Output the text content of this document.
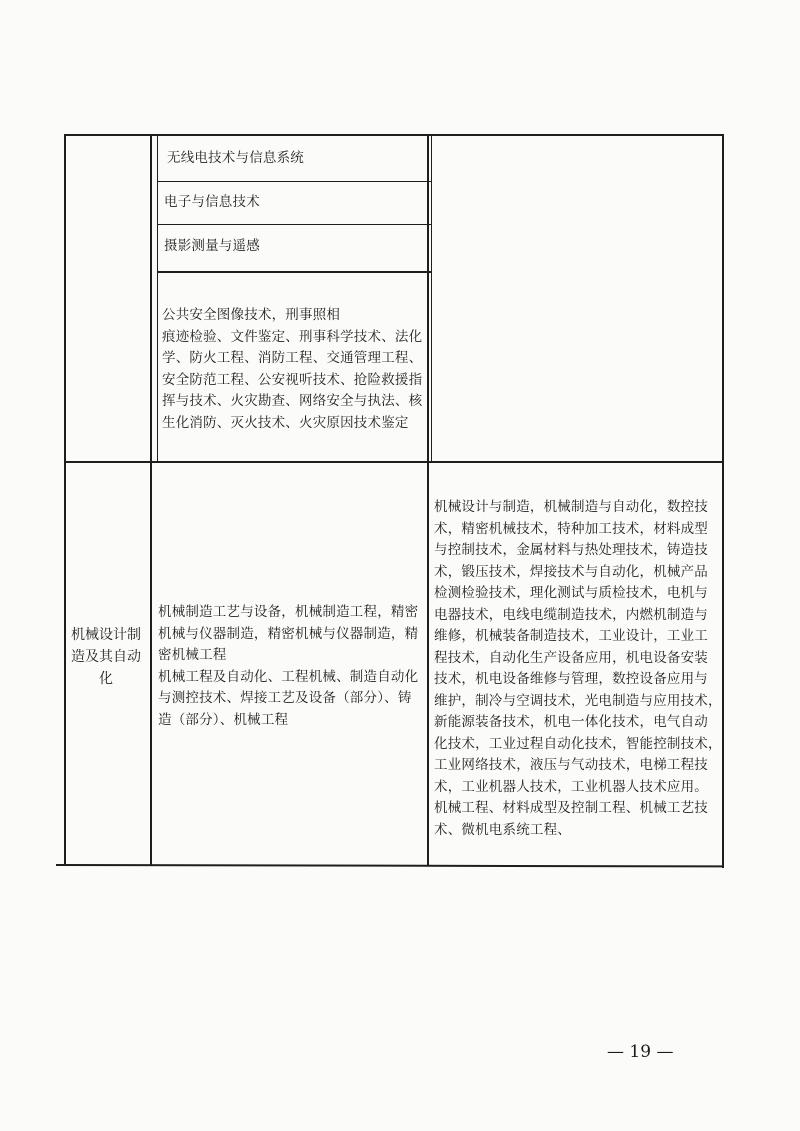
无线电技术与信息系统
电子与信息技术
摄影测量与遥感
公共安全图像技术，刑事照相
痕迹检验、文件鉴定、刑事科学技术、法化
学、防火工程、消防工程、交通管理工程、
安全防范工程、公安视听技术、抢险救援指
挥与技术、火灾勘查、网络安全与执法、核
生化消防、灭火技术、火灾原因技术鉴定
机械设计制
造及其自动
化
机械制造工艺与设备，机械制造工程，精密
机械与仪器制造，精密机械与仪器制造，精
密机械工程
机械工程及自动化、工程机械、制造自动化
与测控技术、焊接工艺及设备（部分）、铸
造（部分）、机械工程
机械设计与制造，机械制造与自动化，数控技
术，精密机械技术，特种加工技术，材料成型
与控制技术，金属材料与热处理技术，铸造技
术，锻压技术，焊接技术与自动化，机械产品
检测检验技术，理化测试与质检技术，电机与
电器技术，电线电缆制造技术，内燃机制造与
维修，机械装备制造技术，工业设计，工业工
程技术，自动化生产设备应用，机电设备安装
技术，机电设备维修与管理，数控设备应用与
维护，制冷与空调技术，光电制造与应用技术，
新能源装备技术，机电一体化技术，电气自动
化技术，工业过程自动化技术，智能控制技术，
工业网络技术，液压与气动技术，电梯工程技
术，工业机器人技术，工业机器人技术应用。
机械工程、材料成型及控制工程、机械工艺技
术、微机电系统工程、
— 19 —
